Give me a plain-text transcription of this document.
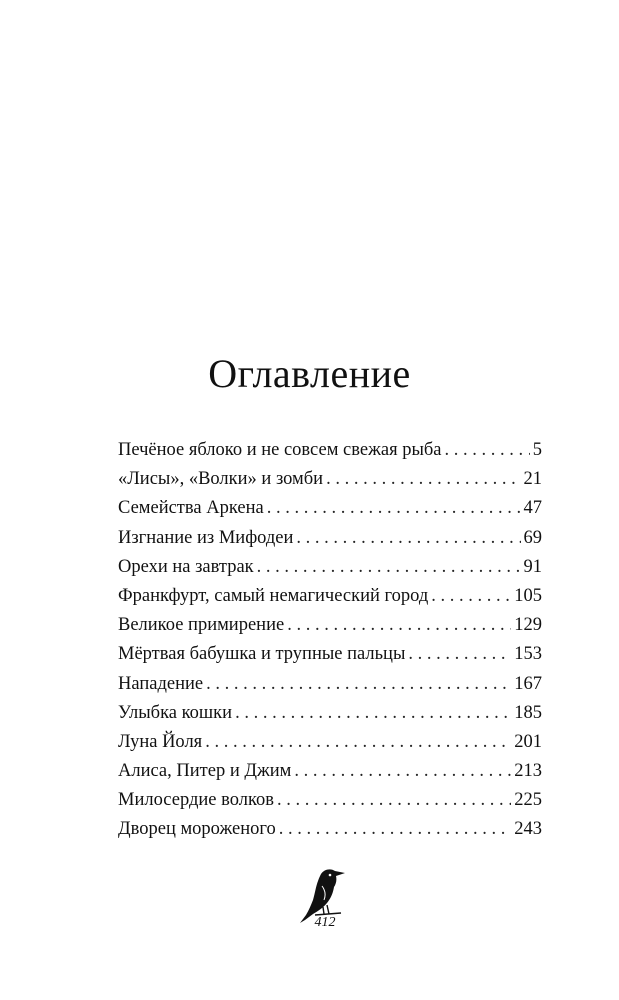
Оглавление
Печёное яблоко и не совсем свежая рыба . . .	5
«Лисы», «Волки» и зомби . . .	21
Семейства Аркена . . .	47
Изгнание из Мифодеи . . .	69
Орехи на завтрак . . .	91
Франкфурт, самый немагический город . . .	105
Великое примирение . . .	129
Мёртвая бабушка и трупные пальцы . . .	153
Нападение . . .	167
Улыбка кошки . . .	185
Луна Йоля . . .	201
Алиса, Питер и Джим . . .	213
Милосердие волков . . .	225
Дворец мороженого . . .	243
412
